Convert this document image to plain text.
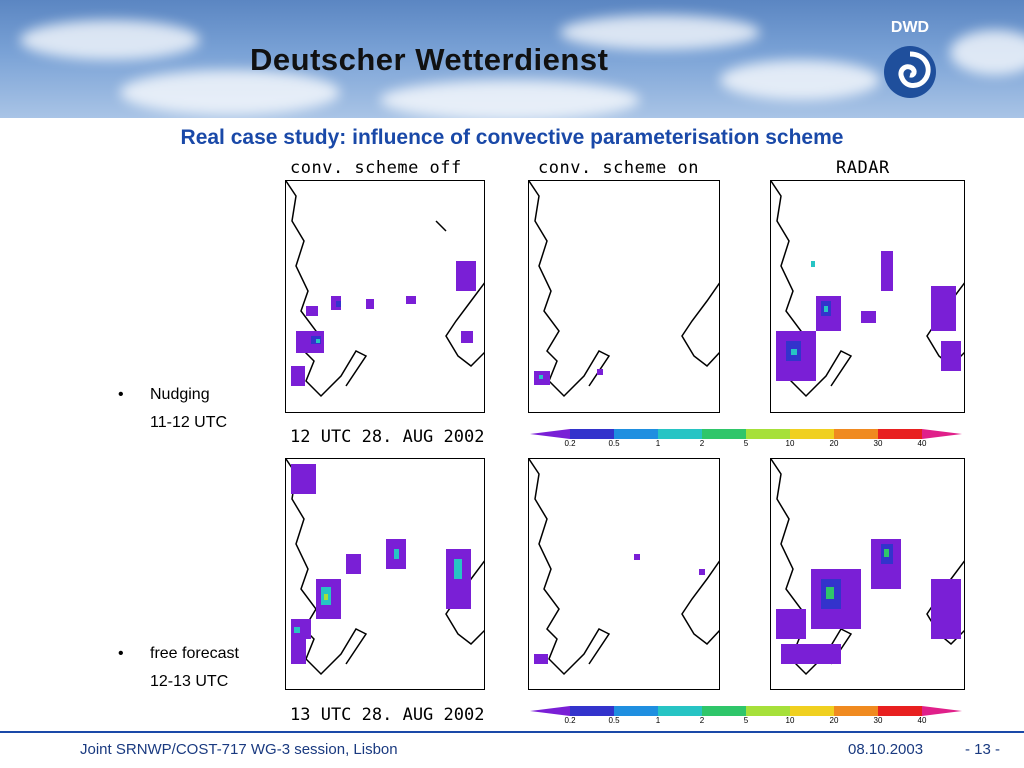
Deutscher Wetterdienst
DWD
Real case study: influence of convective parameterisation scheme
conv. scheme off	conv. scheme on	RADAR
12 UTC 28. AUG 2002	0.2	0.5	1	2	5	10	20	30	40
13 UTC 28. AUG 2002	0.2	0.5	1	2	5	10	20	30	40
• Nudging
11-12 UTC
• free forecast
12-13 UTC
Joint SRNWP/COST-717 WG-3 session, Lisbon	08.10.2003	- 13 -
